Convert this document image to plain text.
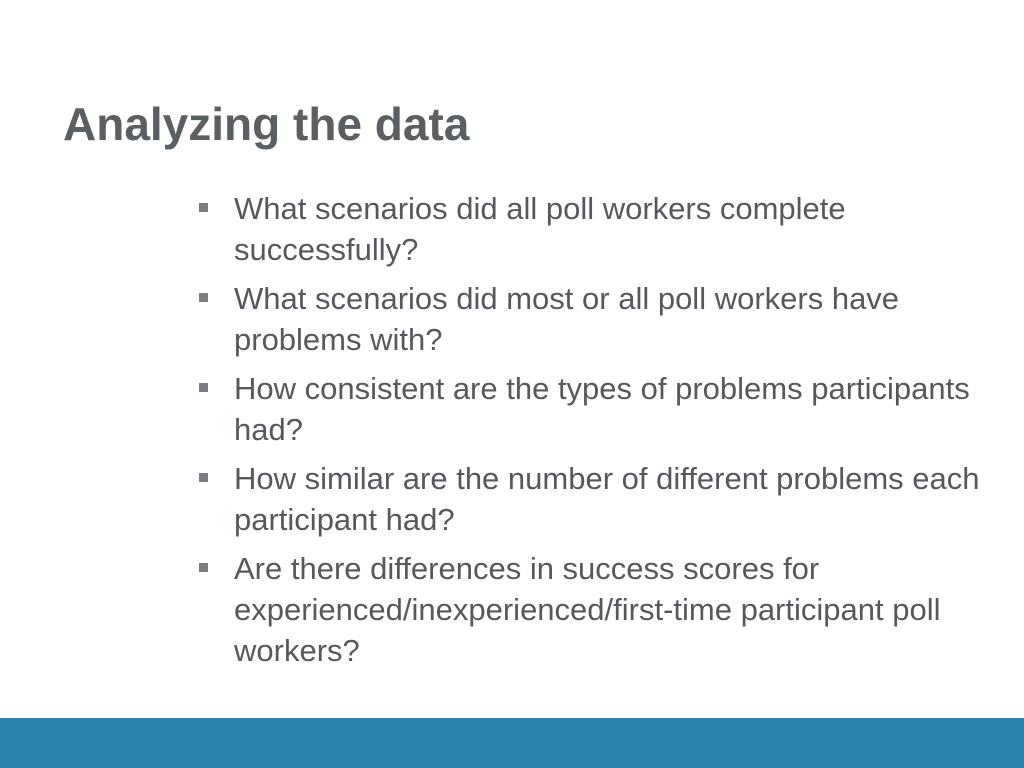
Analyzing the data
What scenarios did all poll workers complete successfully?
What scenarios did most or all poll workers have problems with?
How consistent are the types of problems participants had?
How similar are the number of different problems each participant had?
Are there differences in success scores for experienced/inexperienced/first-time participant poll workers?
